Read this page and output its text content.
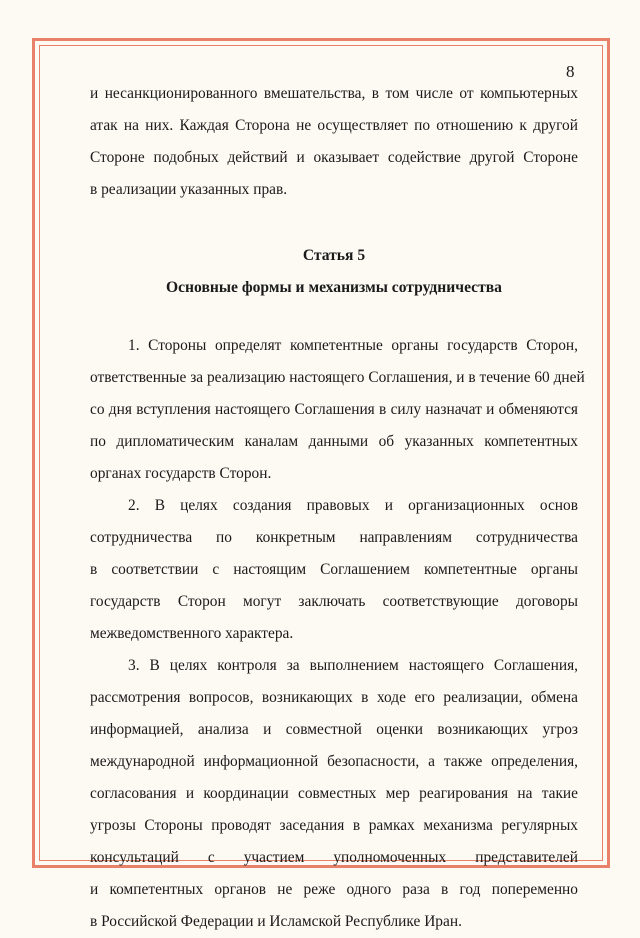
8
и несанкционированного вмешательства, в том числе от компьютерных
атак на них. Каждая Сторона не осуществляет по отношению к другой
Стороне подобных действий и оказывает содействие другой Стороне
в реализации указанных прав.
Статья 5
Основные формы и механизмы сотрудничества
1. Стороны определят компетентные органы государств Сторон,
ответственные за реализацию настоящего Соглашения, и в течение 60 дней
со дня вступления настоящего Соглашения в силу назначат и обменяются
по дипломатическим каналам данными об указанных компетентных
органах государств Сторон.
2. В целях создания правовых и организационных основ
сотрудничества по конкретным направлениям сотрудничества
в соответствии с настоящим Соглашением компетентные органы
государств Сторон могут заключать соответствующие договоры
межведомственного характера.
3. В целях контроля за выполнением настоящего Соглашения,
рассмотрения вопросов, возникающих в ходе его реализации, обмена
информацией, анализа и совместной оценки возникающих угроз
международной информационной безопасности, а также определения,
согласования и координации совместных мер реагирования на такие
угрозы Стороны проводят заседания в рамках механизма регулярных
консультаций с участием уполномоченных представителей
и компетентных органов не реже одного раза в год попеременно
в Российской Федерации и Исламской Республике Иран.
